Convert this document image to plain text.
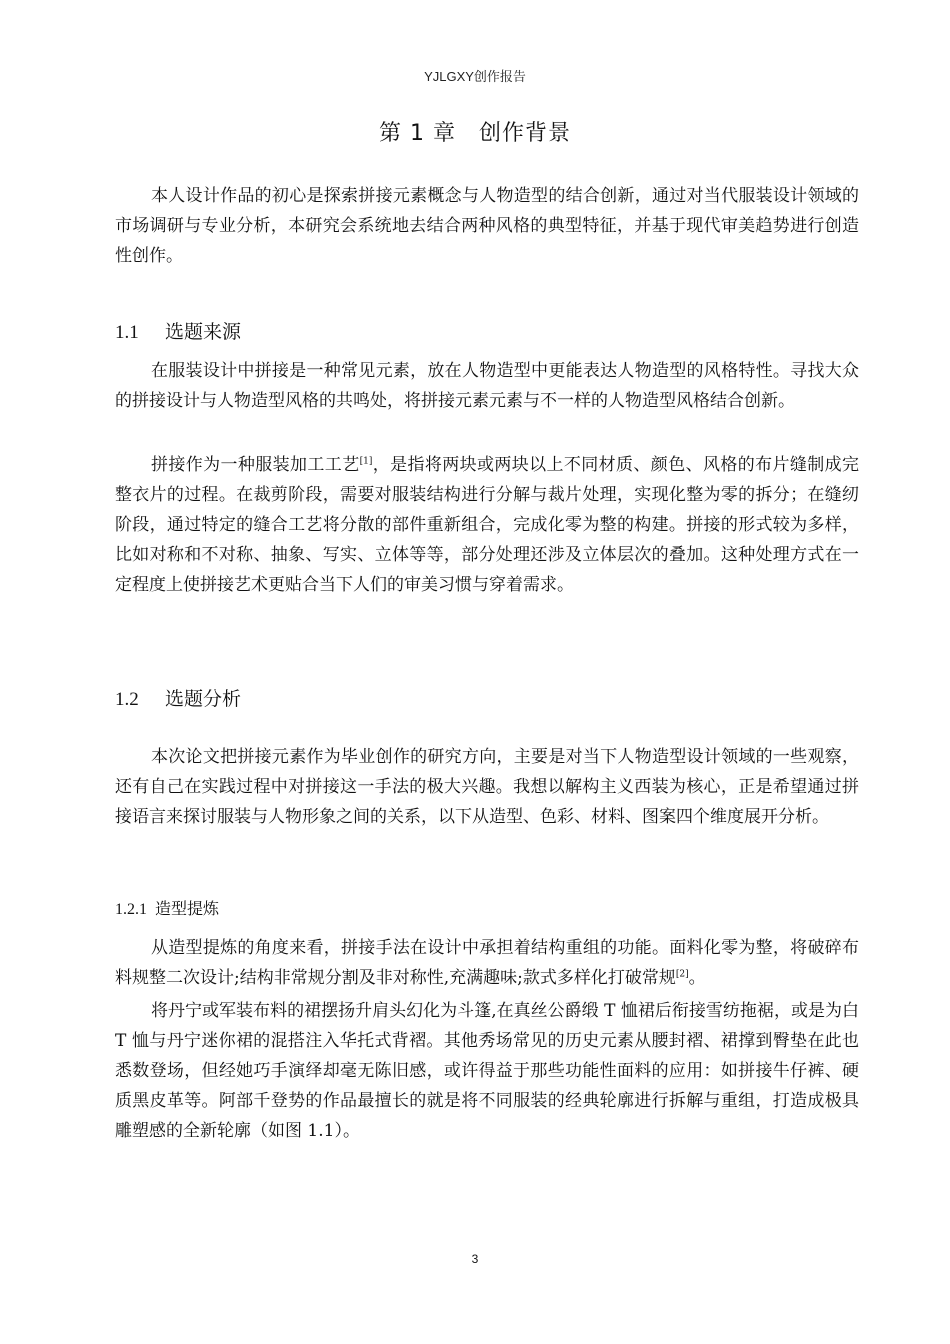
YJLGXY创作报告
第 1 章　创作背景

本人设计作品的初心是探索拼接元素概念与人物造型的结合创新，通过对当代服装设计领域的市场调研与专业分析，本研究会系统地去结合两种风格的典型特征，并基于现代审美趋势进行创造性创作。

1.1 选题来源

在服装设计中拼接是一种常见元素，放在人物造型中更能表达人物造型的风格特性。寻找大众的拼接设计与人物造型风格的共鸣处，将拼接元素元素与不一样的人物造型风格结合创新。

拼接作为一种服装加工工艺[1]，是指将两块或两块以上不同材质、颜色、风格的布片缝制成完整衣片的过程。在裁剪阶段，需要对服装结构进行分解与裁片处理，实现化整为零的拆分；在缝纫阶段，通过特定的缝合工艺将分散的部件重新组合，完成化零为整的构建。拼接的形式较为多样，比如对称和不对称、抽象、写实、立体等等，部分处理还涉及立体层次的叠加。这种处理方式在一定程度上使拼接艺术更贴合当下人们的审美习惯与穿着需求。

1.2 选题分析

本次论文把拼接元素作为毕业创作的研究方向，主要是对当下人物造型设计领域的一些观察，还有自己在实践过程中对拼接这一手法的极大兴趣。我想以解构主义西装为核心，正是希望通过拼接语言来探讨服装与人物形象之间的关系，以下从造型、色彩、材料、图案四个维度展开分析。

1.2.1 造型提炼

从造型提炼的角度来看，拼接手法在设计中承担着结构重组的功能。面料化零为整，将破碎布料规整二次设计;结构非常规分割及非对称性,充满趣味;款式多样化打破常规[2]。

将丹宁或军装布料的裙摆扬升肩头幻化为斗篷,在真丝公爵缎 T 恤裙后衔接雪纺拖裾，或是为白 T 恤与丹宁迷你裙的混搭注入华托式背褶。其他秀场常见的历史元素从腰封褶、裙撑到臀垫在此也悉数登场，但经她巧手演绎却毫无陈旧感，或许得益于那些功能性面料的应用：如拼接牛仔裤、硬质黑皮革等。阿部千登势的作品最擅长的就是将不同服装的经典轮廓进行拆解与重组，打造成极具雕塑感的全新轮廓（如图 1.1）。

3
